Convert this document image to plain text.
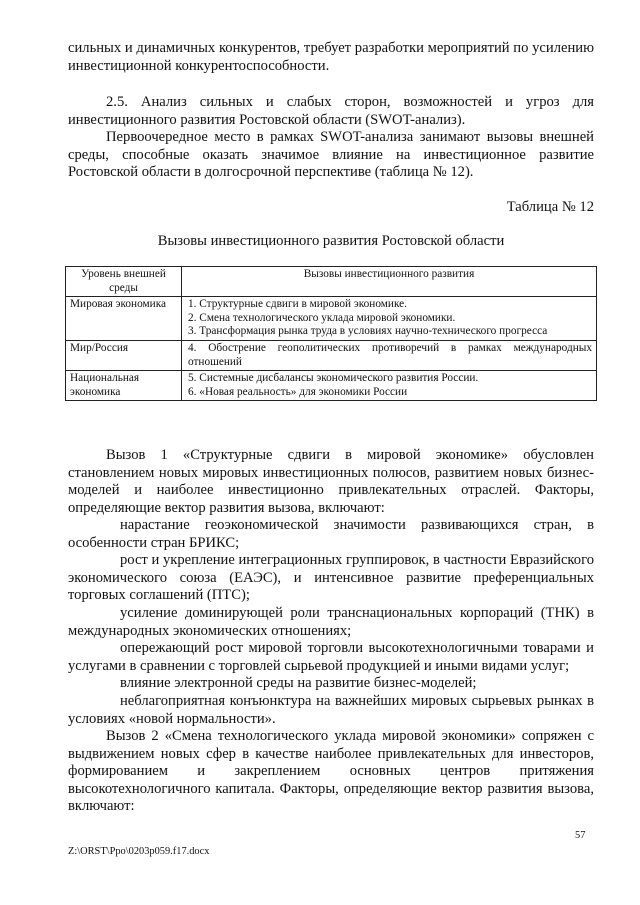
сильных и динамичных конкурентов, требует разработки мероприятий по усилению инвестиционной конкурентоспособности.

2.5. Анализ сильных и слабых сторон, возможностей и угроз для инвестиционного развития Ростовской области (SWOT-анализ).

Первоочередное место в рамках SWOT-анализа занимают вызовы внешней среды, способные оказать значимое влияние на инвестиционное развитие Ростовской области в долгосрочной перспективе (таблица № 12).

Таблица № 12

Вызовы инвестиционного развития Ростовской области

Уровень внешней среды	Вызовы инвестиционного развития
Мировая экономика	1. Структурные сдвиги в мировой экономике.
2. Смена технологического уклада мировой экономики.
3. Трансформация рынка труда в условиях научно-технического прогресса

Мир/Россия	4. Обострение геополитических противоречий в рамках международных отношений

Национальная экономика	5. Системные дисбалансы экономического развития России.
6. «Новая реальность» для экономики России

Вызов 1 «Структурные сдвиги в мировой экономике» обусловлен становлением новых мировых инвестиционных полюсов, развитием новых бизнес-моделей и наиболее инвестиционно привлекательных отраслей. Факторы, определяющие вектор развития вызова, включают:

нарастание геоэкономической значимости развивающихся стран, в особенности стран БРИКС;

рост и укрепление интеграционных группировок, в частности Евразийского экономического союза (ЕАЭС), и интенсивное развитие преференциальных торговых соглашений (ПТС);

усиление доминирующей роли транснациональных корпораций (ТНК) в международных экономических отношениях;

опережающий рост мировой торговли высокотехнологичными товарами и услугами в сравнении с торговлей сырьевой продукцией и иными видами услуг;

влияние электронной среды на развитие бизнес-моделей;

неблагоприятная конъюнктура на важнейших мировых сырьевых рынках в условиях «новой нормальности».

Вызов 2 «Смена технологического уклада мировой экономики» сопряжен с выдвижением новых сфер в качестве наиболее привлекательных для инвесторов, формированием и закреплением основных центров притяжения высокотехнологичного капитала. Факторы, определяющие вектор развития вызова, включают:

57
Z:\ORST\Ppo\0203p059.f17.docx
